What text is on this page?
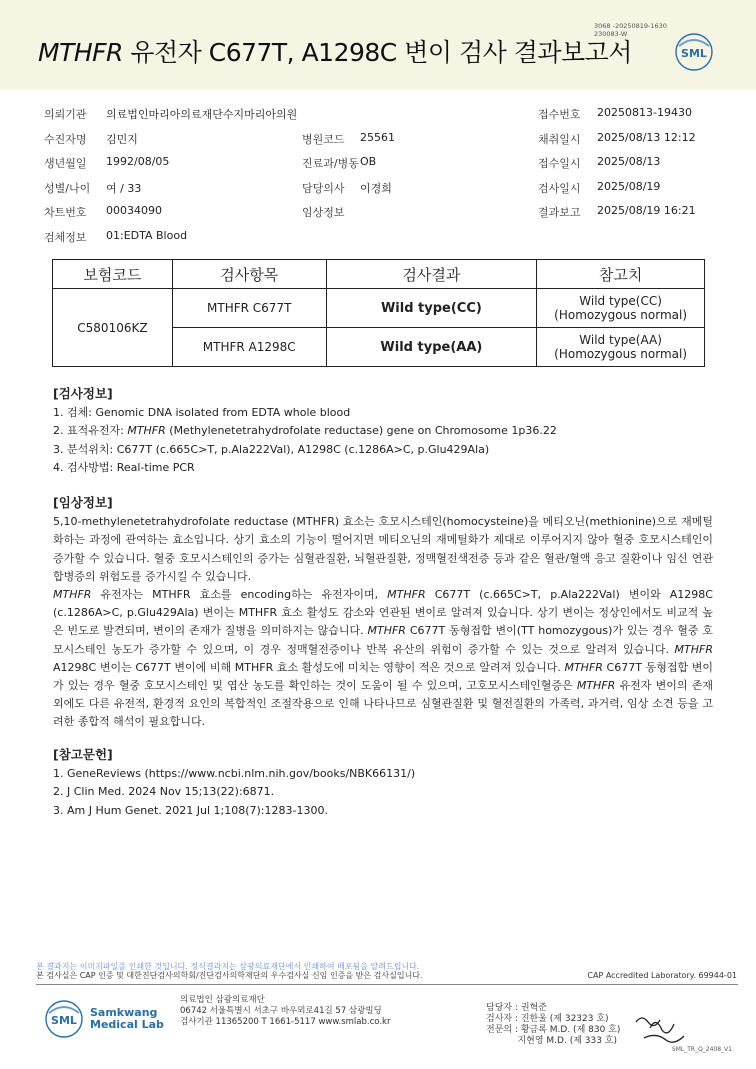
3068 -20250819-1630
230083-W
MTHFR 유전자 C677T, A1298C 변이 검사 결과보고서	SML
의뢰기관 의료법인마리아의료재단수지마리아의원	접수번호 20250813-19430
수진자명 김민지	병원코드 25561	채취일시 2025/08/13 12:12
생년월일 1992/08/05	진료과/병동 OB	접수일시 2025/08/13
성별/나이 여 / 33	담당의사 이경희	검사일시 2025/08/19
차트번호 00034090	임상정보	결과보고 2025/08/19 16:21
검체정보 01:EDTA Blood
보험코드	검사항목	검사결과	참고치
C580106KZ	MTHFR C677T	Wild type(CC)	Wild type(CC)
(Homozygous normal)

	MTHFR A1298C	Wild type(AA)	Wild type(AA)
(Homozygous normal)
[검사정보]
1. 검체: Genomic DNA isolated from EDTA whole blood
2. 표적유전자: MTHFR (Methylenetetrahydrofolate reductase) gene on Chromosome 1p36.22
3. 분석위치: C677T (c.665C>T, p.Ala222Val), A1298C (c.1286A>C, p.Glu429Ala)
4. 검사방법: Real-time PCR
[임상정보]
5,10-methylenetetrahydrofolate reductase (MTHFR) 효소는 호모시스테인(homocysteine)을 메티오닌(methionine)으로 재메틸화하는 과정에 관여하는 효소입니다. 상기 효소의 기능이 떨어지면 메티오닌의 재메틸화가 제대로 이루어지지 않아 혈중 호모시스테인이 증가할 수 있습니다. 혈중 호모시스테인의 증가는 심혈관질환, 뇌혈관질환, 정맥혈전색전증 등과 같은 혈관/혈액 응고 질환이나 임신 연관 합병증의 위험도를 증가시킬 수 있습니다.
MTHFR 유전자는 MTHFR 효소를 encoding하는 유전자이며, MTHFR C677T (c.665C>T, p.Ala222Val) 변이와 A1298C (c.1286A>C, p.Glu429Ala) 변이는 MTHFR 효소 활성도 감소와 연관된 변이로 알려져 있습니다. 상기 변이는 정상인에서도 비교적 높은 빈도로 발견되며, 변이의 존재가 질병을 의미하지는 않습니다. MTHFR C677T 동형접합 변이(TT homozygous)가 있는 경우 혈중 호모시스테인 농도가 증가할 수 있으며, 이 경우 정맥혈전증이나 반복 유산의 위험이 증가할 수 있는 것으로 알려져 있습니다. MTHFR A1298C 변이는 C677T 변이에 비해 MTHFR 효소 활성도에 미치는 영향이 적은 것으로 알려져 있습니다. MTHFR C677T 동형접합 변이가 있는 경우 혈중 호모시스테인 및 엽산 농도를 확인하는 것이 도움이 될 수 있으며, 고호모시스테인혈증은 MTHFR 유전자 변이의 존재 외에도 다른 유전적, 환경적 요인의 복합적인 조절작용으로 인해 나타나므로 심혈관질환 및 혈전질환의 가족력, 과거력, 임상 소견 등을 고려한 종합적 해석이 필요합니다.
[참고문헌]
1. GeneReviews (https://www.ncbi.nlm.nih.gov/books/NBK66131/)
2. J Clin Med. 2024 Nov 15;13(22):6871.
3. Am J Hum Genet. 2021 Jul 1;108(7):1283-1300.
본 결과지는 이미지파일을 인쇄한 것입니다. 정식결과지는 삼광의료재단에서 인쇄하여 배포됨을 알려드립니다.
본 검사실은 CAP 인증 및 대한진단검사의학회/진단검사의학재단의 우수검사실 신임 인증을 받은 검사실입니다.	CAP Accredited Laboratory. 69944-01
SML
Samkwang
Medical Lab
의료법인 삼광의료재단
06742 서울특별시 서초구 바우뫼로41길 57 삼광빌딩
검사기관 11365200 T 1661-5117 www.smlab.co.kr
담당자 : 권혁준
검사자 : 진한울 (제 32323 호)
전문의 : 황금록 M.D. (제 830 호)
지현영 M.D. (제 333 호)
SML_TR_Q_2408_V1
